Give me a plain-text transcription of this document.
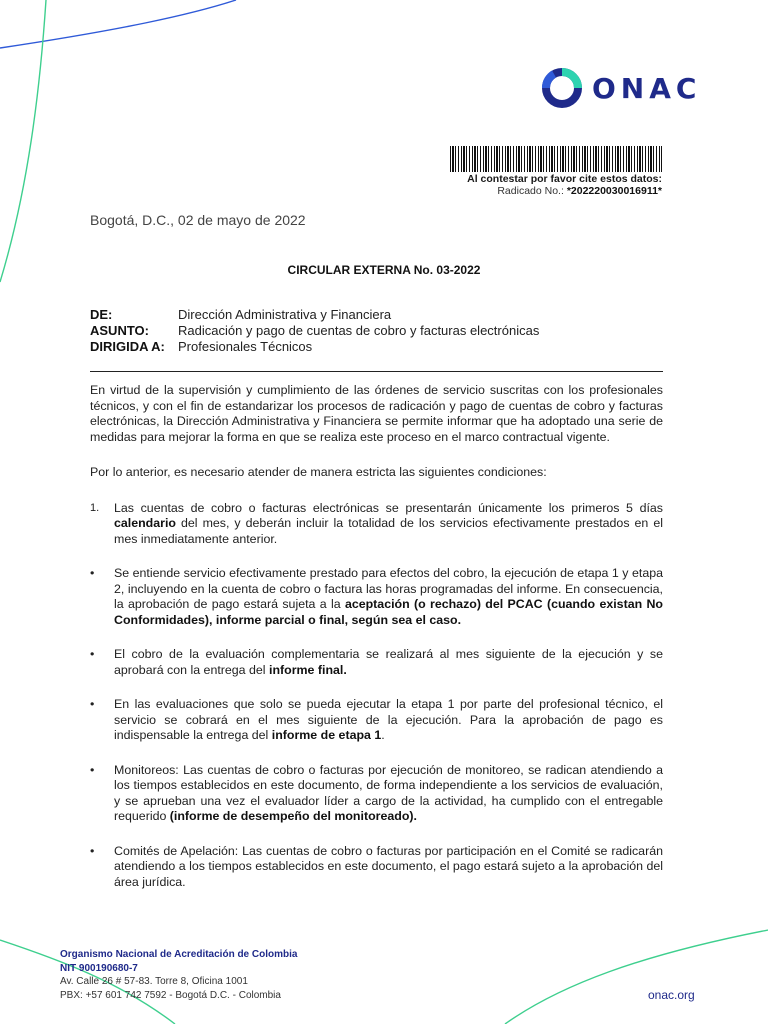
ONAC
Al contestar por favor cite estos datos:
Radicado No.: *202220030016911*
Bogotá, D.C., 02 de mayo de 2022
CIRCULAR EXTERNA No. 03-2022
DE:	Dirección Administrativa y Financiera
ASUNTO:	Radicación y pago de cuentas de cobro y facturas electrónicas
DIRIGIDA A:	Profesionales Técnicos

En virtud de la supervisión y cumplimiento de las órdenes de servicio suscritas con los profesionales técnicos, y con el fin de estandarizar los procesos de radicación y pago de cuentas de cobro y facturas electrónicas, la Dirección Administrativa y Financiera se permite informar que ha adoptado una serie de medidas para mejorar la forma en que se realiza este proceso en el marco contractual vigente.

Por lo anterior, es necesario atender de manera estricta las siguientes condiciones:

1.	Las cuentas de cobro o facturas electrónicas se presentarán únicamente los primeros 5 días calendario del mes, y deberán incluir la totalidad de los servicios efectivamente prestados en el mes inmediatamente anterior.
•	Se entiende servicio efectivamente prestado para efectos del cobro, la ejecución de etapa 1 y etapa 2, incluyendo en la cuenta de cobro o factura las horas programadas del informe. En consecuencia, la aprobación de pago estará sujeta a la aceptación (o rechazo) del PCAC (cuando existan No Conformidades), informe parcial o final, según sea el caso.
•	El cobro de la evaluación complementaria se realizará al mes siguiente de la ejecución y se aprobará con la entrega del informe final.
•	En las evaluaciones que solo se pueda ejecutar la etapa 1 por parte del profesional técnico, el servicio se cobrará en el mes siguiente de la ejecución. Para la aprobación de pago es indispensable la entrega del informe de etapa 1.
•	Monitoreos: Las cuentas de cobro o facturas por ejecución de monitoreo, se radican atendiendo a los tiempos establecidos en este documento, de forma independiente a los servicios de evaluación, y se aprueban una vez el evaluador líder a cargo de la actividad, ha cumplido con el entregable requerido (informe de desempeño del monitoreado).
•	Comités de Apelación: Las cuentas de cobro o facturas por participación en el Comité se radicarán atendiendo a los tiempos establecidos en este documento, el pago estará sujeto a la aprobación del área jurídica.
Organismo Nacional de Acreditación de Colombia
NIT 900190680-7
Av. Calle 26 # 57-83. Torre 8, Oficina 1001
PBX: +57 601 742 7592 - Bogotá D.C. - Colombia	onac.org
